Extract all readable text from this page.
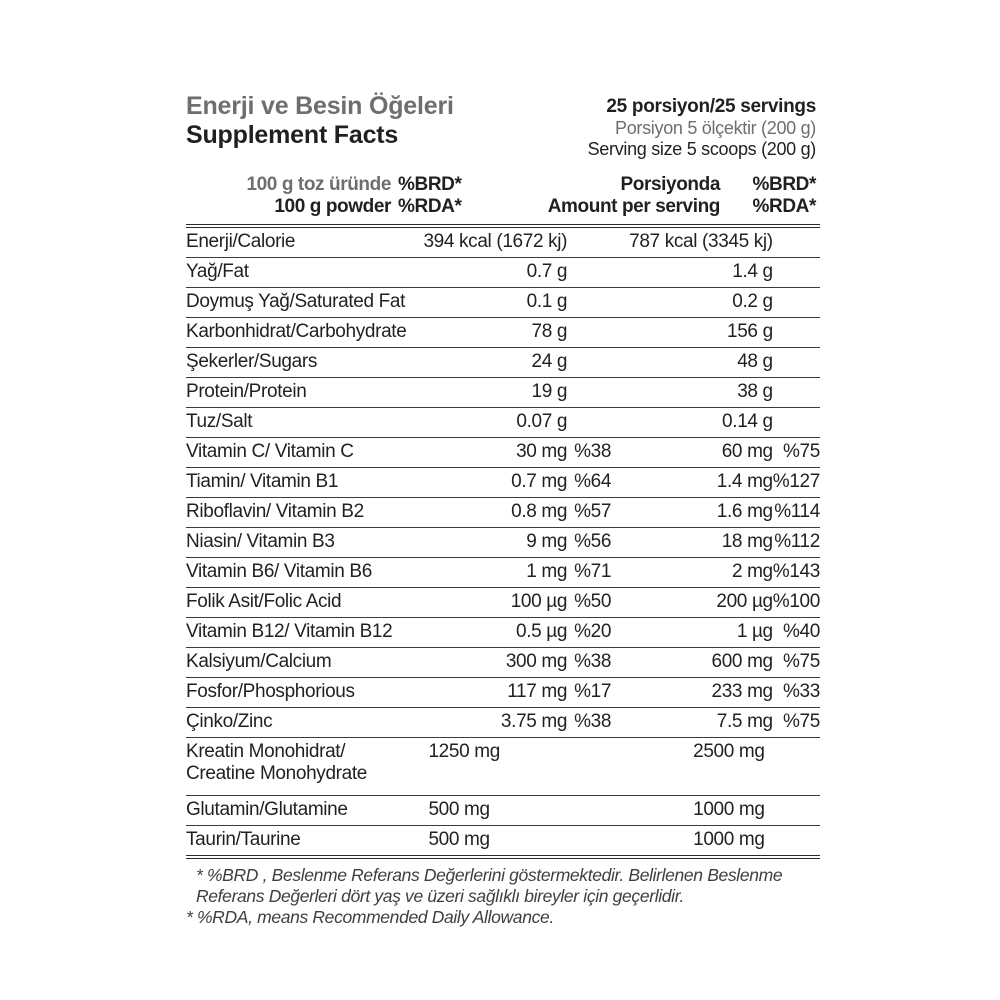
Enerji ve Besin Öğeleri
Supplement Facts
25 porsiyon/25 servings
Porsiyon 5 ölçektir (200 g)
Serving size 5 scoops (200 g)
100 g toz üründe %BRD*	Porsiyonda	%BRD*
100 g powder %RDA*	Amount per serving	%RDA*
Enerji/Calorie	394 kcal (1672 kj)		787 kcal (3345 kj)	
Yağ/Fat	0.7 g		1.4 g	
Doymuş Yağ/Saturated Fat	0.1 g		0.2 g	
Karbonhidrat/Carbohydrate	78 g		156 g	
Şekerler/Sugars	24 g		48 g	
Protein/Protein	19 g		38 g	
Tuz/Salt	0.07 g		0.14 g	
Vitamin C/ Vitamin C	30 mg	%38	60 mg	%75
Tiamin/ Vitamin B1	0.7 mg	%64	1.4 mg	%127
Riboflavin/ Vitamin B2	0.8 mg	%57	1.6 mg	%114
Niasin/ Vitamin B3	9 mg	%56	18 mg	%112
Vitamin B6/ Vitamin B6	1 mg	%71	2 mg	%143
Folik Asit/Folic Acid	100 µg	%50	200 µg	%100
Vitamin B12/ Vitamin B12	0.5 µg	%20	1 µg	%40
Kalsiyum/Calcium	300 mg	%38	600 mg	%75
Fosfor/Phosphorious	117 mg	%17	233 mg	%33
Çinko/Zinc	3.75 mg	%38	7.5 mg	%75
Kreatin Monohidrat/
Creatine Monohydrate	1250 mg		2500 mg	
Glutamin/Glutamine	500 mg		1000 mg	
Taurin/Taurine	500 mg		1000 mg	
* %BRD , Beslenme Referans Değerlerini göstermektedir. Belirlenen Beslenme Referans Değerleri dört yaş ve üzeri sağlıklı bireyler için geçerlidir.
* %RDA, means Recommended Daily Allowance.
